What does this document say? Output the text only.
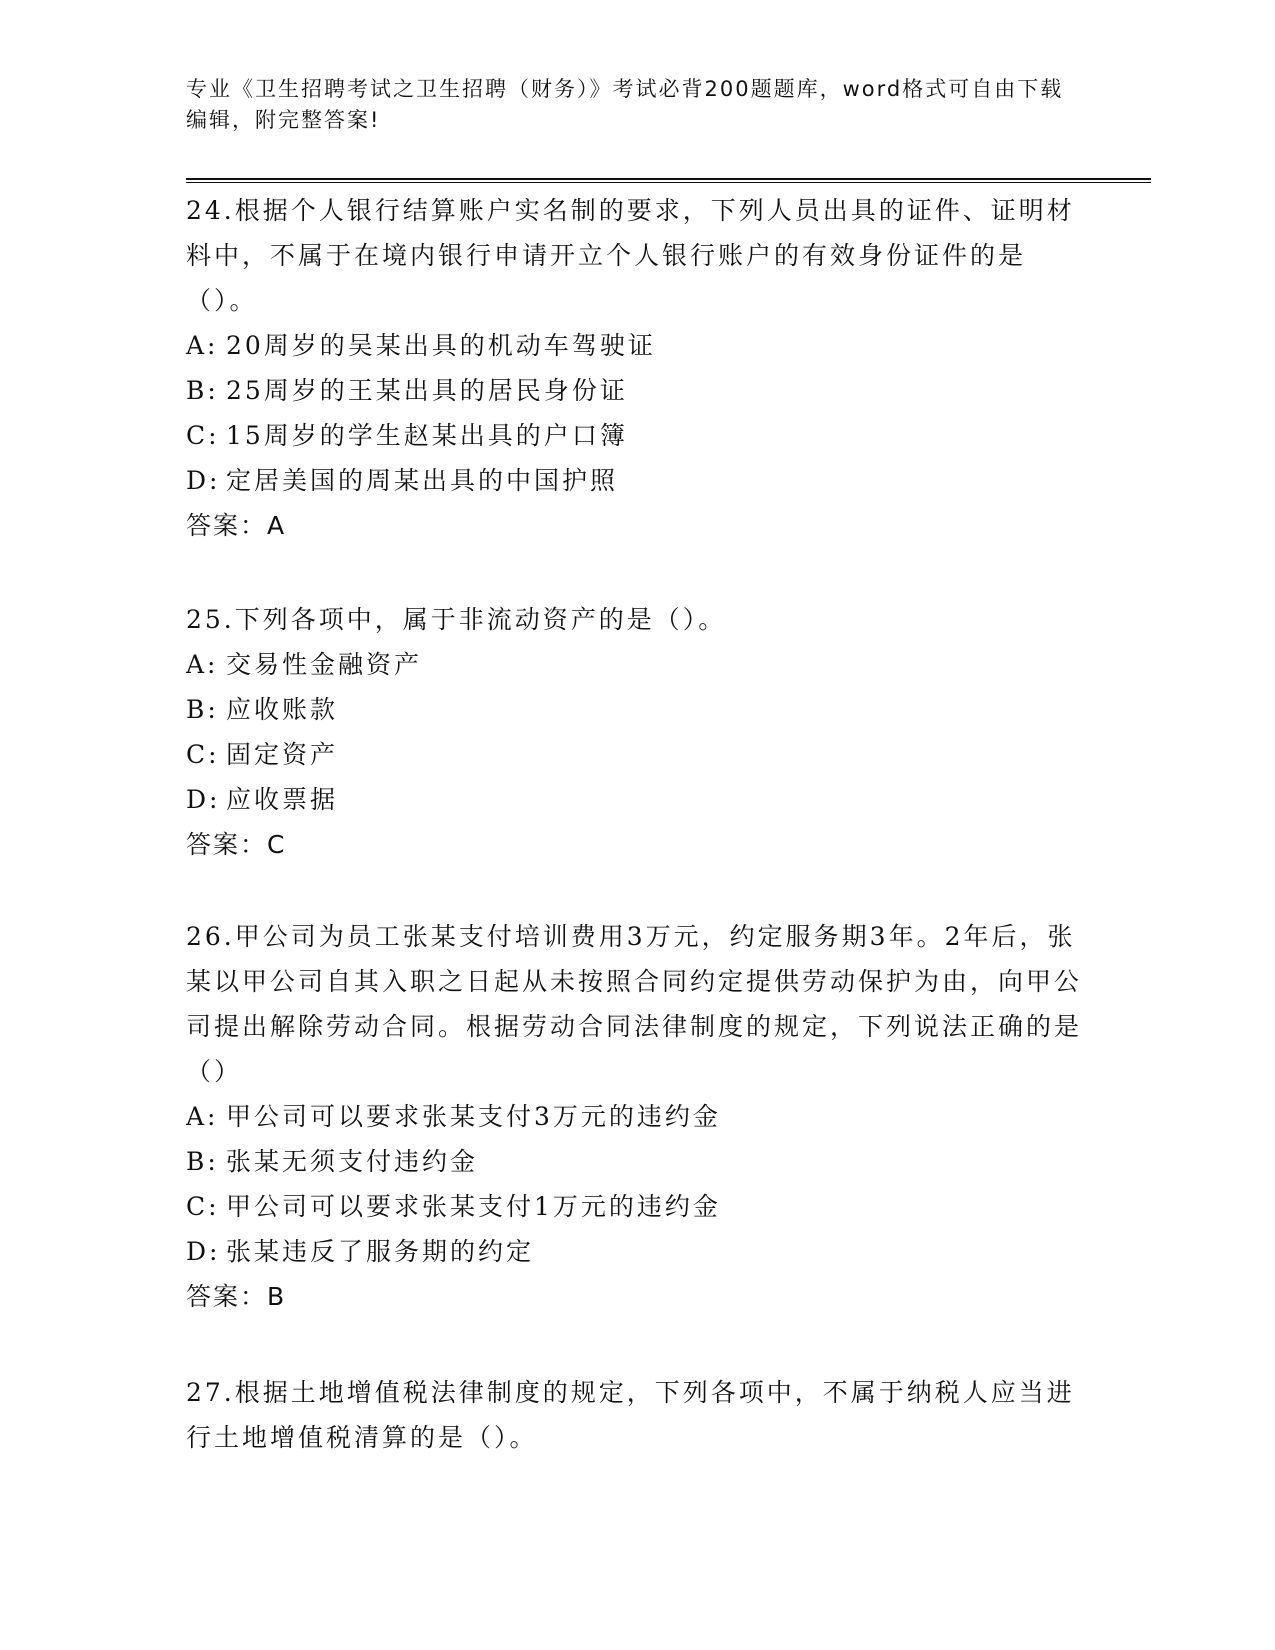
专业《卫生招聘考试之卫生招聘（财务）》考试必背200题题库，word格式可自由下载编辑，附完整答案!

24.根据个人银行结算账户实名制的要求，下列人员出具的证件、证明材料中，不属于在境内银行申请开立个人银行账户的有效身份证件的是（）。

A: 20周岁的吴某出具的机动车驾驶证

B: 25周岁的王某出具的居民身份证

C: 15周岁的学生赵某出具的户口簿

D: 定居美国的周某出具的中国护照

答案：A

25.下列各项中，属于非流动资产的是（）。

A: 交易性金融资产

B: 应收账款

C: 固定资产

D: 应收票据

答案：C

26.甲公司为员工张某支付培训费用3万元，约定服务期3年。2年后，张某以甲公司自其入职之日起从未按照合同约定提供劳动保护为由，向甲公司提出解除劳动合同。根据劳动合同法律制度的规定，下列说法正确的是（）

A: 甲公司可以要求张某支付3万元的违约金

B: 张某无须支付违约金

C: 甲公司可以要求张某支付1万元的违约金

D: 张某违反了服务期的约定

答案：B

27.根据土地增值税法律制度的规定，下列各项中，不属于纳税人应当进行土地增值税清算的是（）。
